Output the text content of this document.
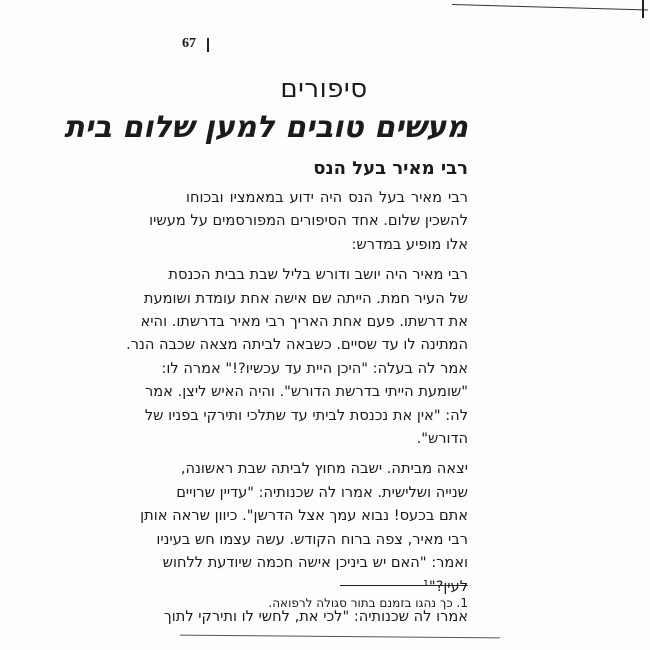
67
סיפורים
מעשים טובים למען שלום בית
רבי מאיר בעל הנס
רבי מאיר בעל הנס היה ידוע במאמציו ובכוחו
להשכין שלום. אחד הסיפורים המפורסמים על מעשיו
אלו מופיע במדרש:
רבי מאיר היה יושב ודורש בליל שבת בבית הכנסת
של העיר חמת. הייתה שם אישה אחת עומדת ושומעת
את דרשתו. פעם אחת האריך רבי מאיר בדרשתו. והיא
המתינה לו עד שסיים. כשבאה לביתה מצאה שכבה הנר.
אמר לה בעלה: "היכן היית עד עכשיו?!" אמרה לו:
"שומעת הייתי בדרשת הדורש". והיה האיש ליצן. אמר
לה: "אין את נכנסת לביתי עד שתלכי ותירקי בפניו של
הדורש".
יצאה מביתה. ישבה מחוץ לביתה שבת ראשונה,
שנייה ושלישית. אמרו לה שכנותיה: "עדיין שרויים
אתם בכעס! נבוא עמך אצל הדרשן". כיוון שראה אותן
רבי מאיר, צפה ברוח הקודש. עשה עצמו חש בעיניו
ואמר: "האם יש ביניכן אישה חכמה שיודעת ללחוש
לעין?"¹
אמרו לה שכנותיה: "לכי את, לחשי לו ותירקי לתוך
1. כך נהגו בזמנם בתור סגולה לרפואה.
